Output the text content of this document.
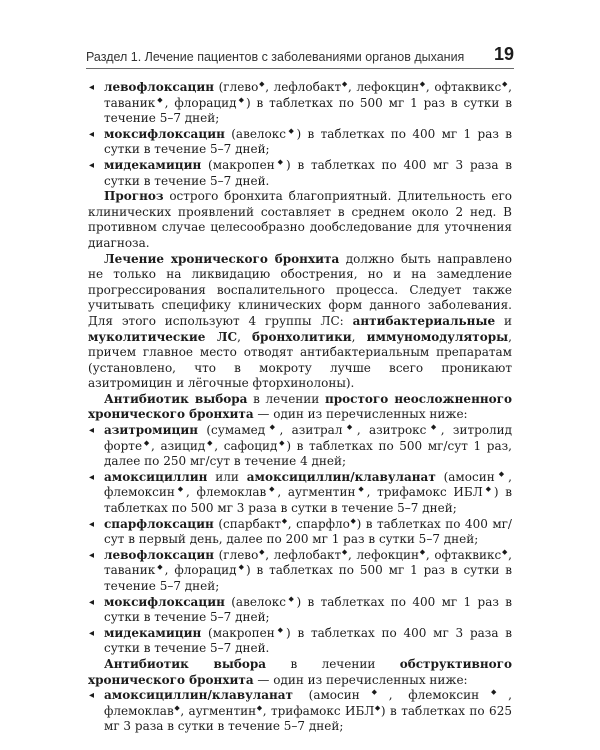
Раздел 1. Лечение пациентов с заболеваниями органов дыхания 19
◂ левофлоксацин (глево◆, лефлобакт◆, лефокцин◆, офтаквикс◆, таваник◆, флорацид◆) в таблетках по 500 мг 1 раз в сутки в течение 5–7 дней;
◂ моксифлоксацин (авелокс◆) в таблетках по 400 мг 1 раз в сутки в течение 5–7 дней;
◂ мидекамицин (макропен◆) в таблетках по 400 мг 3 раза в сутки в течение 5–7 дней.

Прогноз острого бронхита благоприятный. Длительность его клинических проявлений составляет в среднем около 2 нед. В противном случае целесообразно дообследование для уточнения диагноза.

Лечение хронического бронхита должно быть направлено не только на ликвидацию обострения, но и на замедление прогрессирования воспалительного процесса. Следует также учитывать специфику клинических форм данного заболевания. Для этого используют 4 группы ЛС: антибактериальные и муколитические ЛС, бронхолитики, иммуномодуляторы, причем главное место отводят антибактериальным препаратам (установлено, что в мокроту лучше всего проникают азитромицин и лёгочные фторхинолоны).

Антибиотик выбора в лечении простого неосложненного хронического бронхита — один из перечисленных ниже:

◂ азитромицин (сумамед◆, азитрал◆, азитрокс◆, зитролид форте◆, азицид◆, сафоцид◆) в таблетках по 500 мг/сут 1 раз, далее по 250 мг/сут в течение 4 дней;
◂ амоксициллин или амоксициллин/клавуланат (амосин◆, флемоксин◆, флемоклав◆, аугментин◆, трифамокс ИБЛ◆) в таблетках по 500 мг 3 раза в сутки в течение 5–7 дней;
◂ спарфлоксацин (спарбакт◆, спарфло◆) в таблетках по 400 мг/сут в первый день, далее по 200 мг 1 раз в сутки 5–7 дней;
◂ левофлоксацин (глево◆, лефлобакт◆, лефокцин◆, офтаквикс◆, таваник◆, флорацид◆) в таблетках по 500 мг 1 раз в сутки в течение 5–7 дней;
◂ моксифлоксацин (авелокс◆) в таблетках по 400 мг 1 раз в сутки в течение 5–7 дней;
◂ мидекамицин (макропен◆) в таблетках по 400 мг 3 раза в сутки в течение 5–7 дней.

Антибиотик выбора в лечении обструктивного хронического бронхита — один из перечисленных ниже:

◂ амоксициллин/клавуланат (амосин◆, флемоксин◆, флемоклав◆, аугментин◆, трифамокс ИБЛ◆) в таблетках по 625 мг 3 раза в сутки в течение 5–7 дней;
